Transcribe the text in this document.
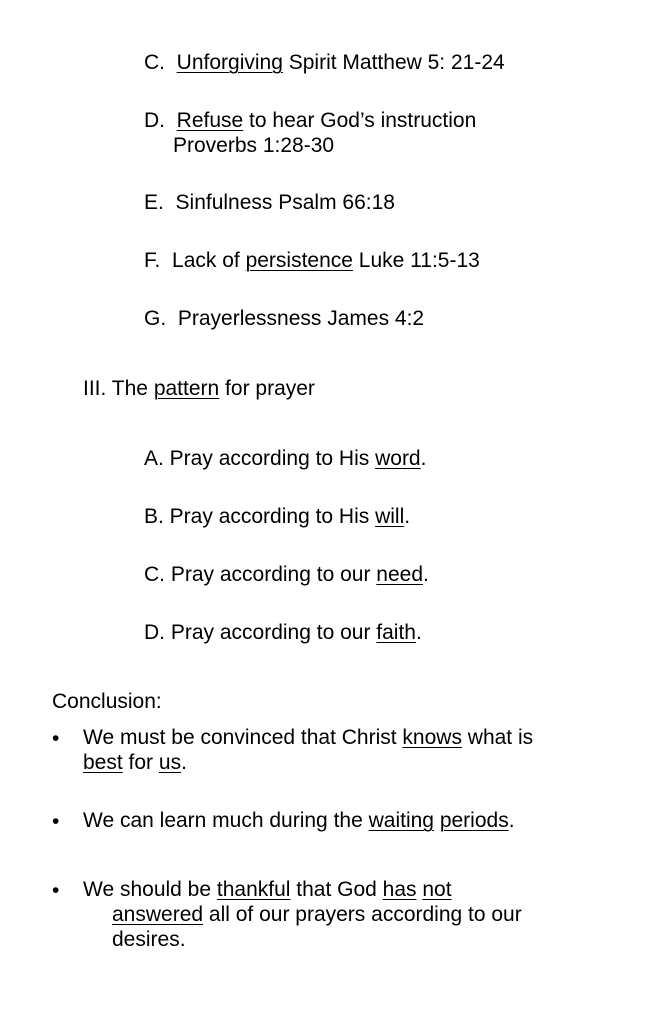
C. Unforgiving Spirit Matthew 5: 21-24
D. Refuse to hear God’s instruction
Proverbs 1:28-30
E. Sinfulness Psalm 66:18
F. Lack of persistence Luke 11:5-13
G. Prayerlessness James 4:2
III. The pattern for prayer
A. Pray according to His word.
B. Pray according to His will.
C. Pray according to our need.
D. Pray according to our faith.
Conclusion:
• We must be convinced that Christ knows what is
best for us.
• We can learn much during the waiting periods.
• We should be thankful that God has not
answered all of our prayers according to our
desires.
